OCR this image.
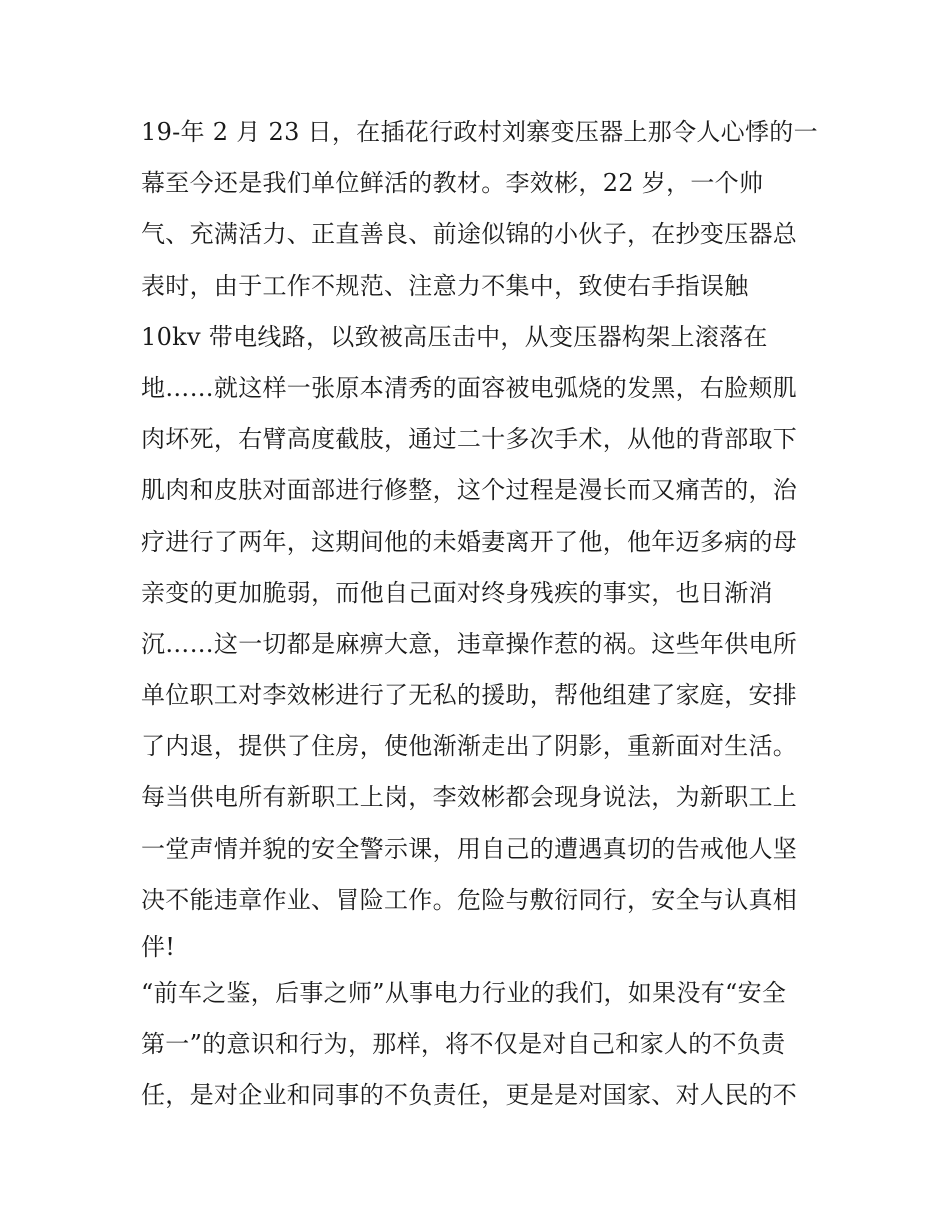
19-年 2 月 23 日，在插花行政村刘寨变压器上那令人心悸的一
幕至今还是我们单位鲜活的教材。李效彬，22 岁，一个帅
气、充满活力、正直善良、前途似锦的小伙子，在抄变压器总
表时，由于工作不规范、注意力不集中，致使右手指误触
10kv 带电线路，以致被高压击中，从变压器构架上滚落在
地……就这样一张原本清秀的面容被电弧烧的发黑，右脸颊肌
肉坏死，右臂高度截肢，通过二十多次手术，从他的背部取下
肌肉和皮肤对面部进行修整，这个过程是漫长而又痛苦的，治
疗进行了两年，这期间他的未婚妻离开了他，他年迈多病的母
亲变的更加脆弱，而他自己面对终身残疾的事实，也日渐消
沉……这一切都是麻痹大意，违章操作惹的祸。这些年供电所
单位职工对李效彬进行了无私的援助，帮他组建了家庭，安排
了内退，提供了住房，使他渐渐走出了阴影，重新面对生活。
每当供电所有新职工上岗，李效彬都会现身说法，为新职工上
一堂声情并貌的安全警示课，用自己的遭遇真切的告戒他人坚
决不能违章作业、冒险工作。危险与敷衍同行，安全与认真相
伴!
“前车之鉴，后事之师”从事电力行业的我们，如果没有“安全
第一”的意识和行为，那样，将不仅是对自己和家人的不负责
任，是对企业和同事的不负责任，更是是对国家、对人民的不
